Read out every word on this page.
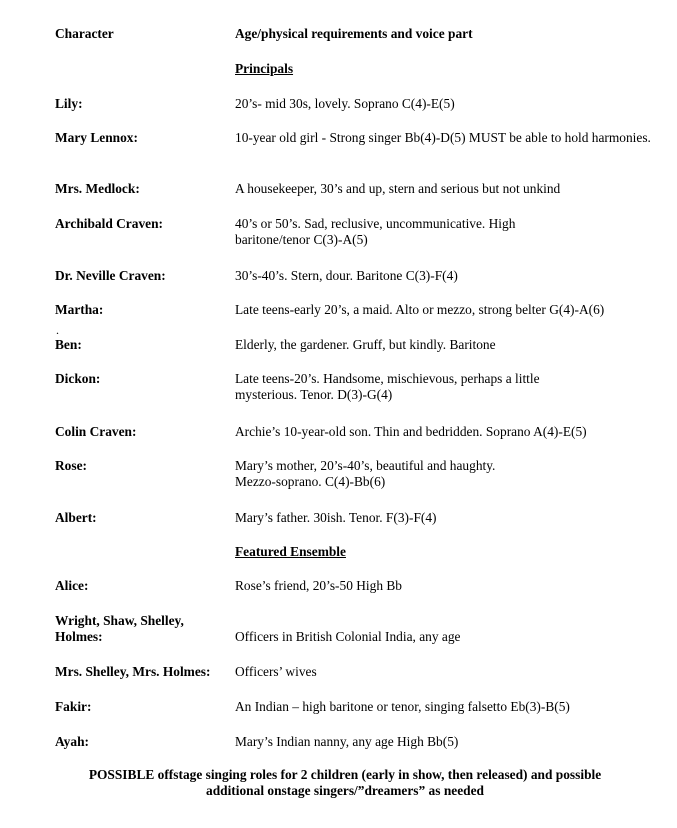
Character	Age/physical requirements and voice part
Principals
Lily:	20’s- mid 30s, lovely. Soprano C(4)-E(5)
Mary Lennox:	10-year old girl - Strong singer Bb(4)-D(5) MUST be able to hold harmonies.
Mrs. Medlock:	A housekeeper, 30’s and up, stern and serious but not unkind
Archibald Craven:	40’s or 50’s. Sad, reclusive, uncommunicative. High baritone/tenor C(3)-A(5)
Dr. Neville Craven:	30’s-40’s. Stern, dour. Baritone C(3)-F(4)
Martha:	Late teens-early 20’s, a maid. Alto or mezzo, strong belter G(4)-A(6)
.
Ben:	Elderly, the gardener. Gruff, but kindly. Baritone
Dickon:	Late teens-20’s. Handsome, mischievous, perhaps a little mysterious. Tenor. D(3)-G(4)
Colin Craven:	Archie’s 10-year-old son. Thin and bedridden. Soprano A(4)-E(5)
Rose:	Mary’s mother, 20’s-40’s, beautiful and haughty.
Mezzo-soprano. C(4)-Bb(6)
Albert:	Mary’s father. 30ish. Tenor. F(3)-F(4)
Featured Ensemble
Alice:	Rose’s friend, 20’s-50 High Bb
Wright, Shaw, Shelley,
Holmes:	Officers in British Colonial India, any age
Mrs. Shelley, Mrs. Holmes:	Officers’ wives
Fakir:	An Indian – high baritone or tenor, singing falsetto Eb(3)-B(5)
Ayah:	Mary’s Indian nanny, any age High Bb(5)
POSSIBLE offstage singing roles for 2 children (early in show, then released) and possible
additional onstage singers/”dreamers” as needed
